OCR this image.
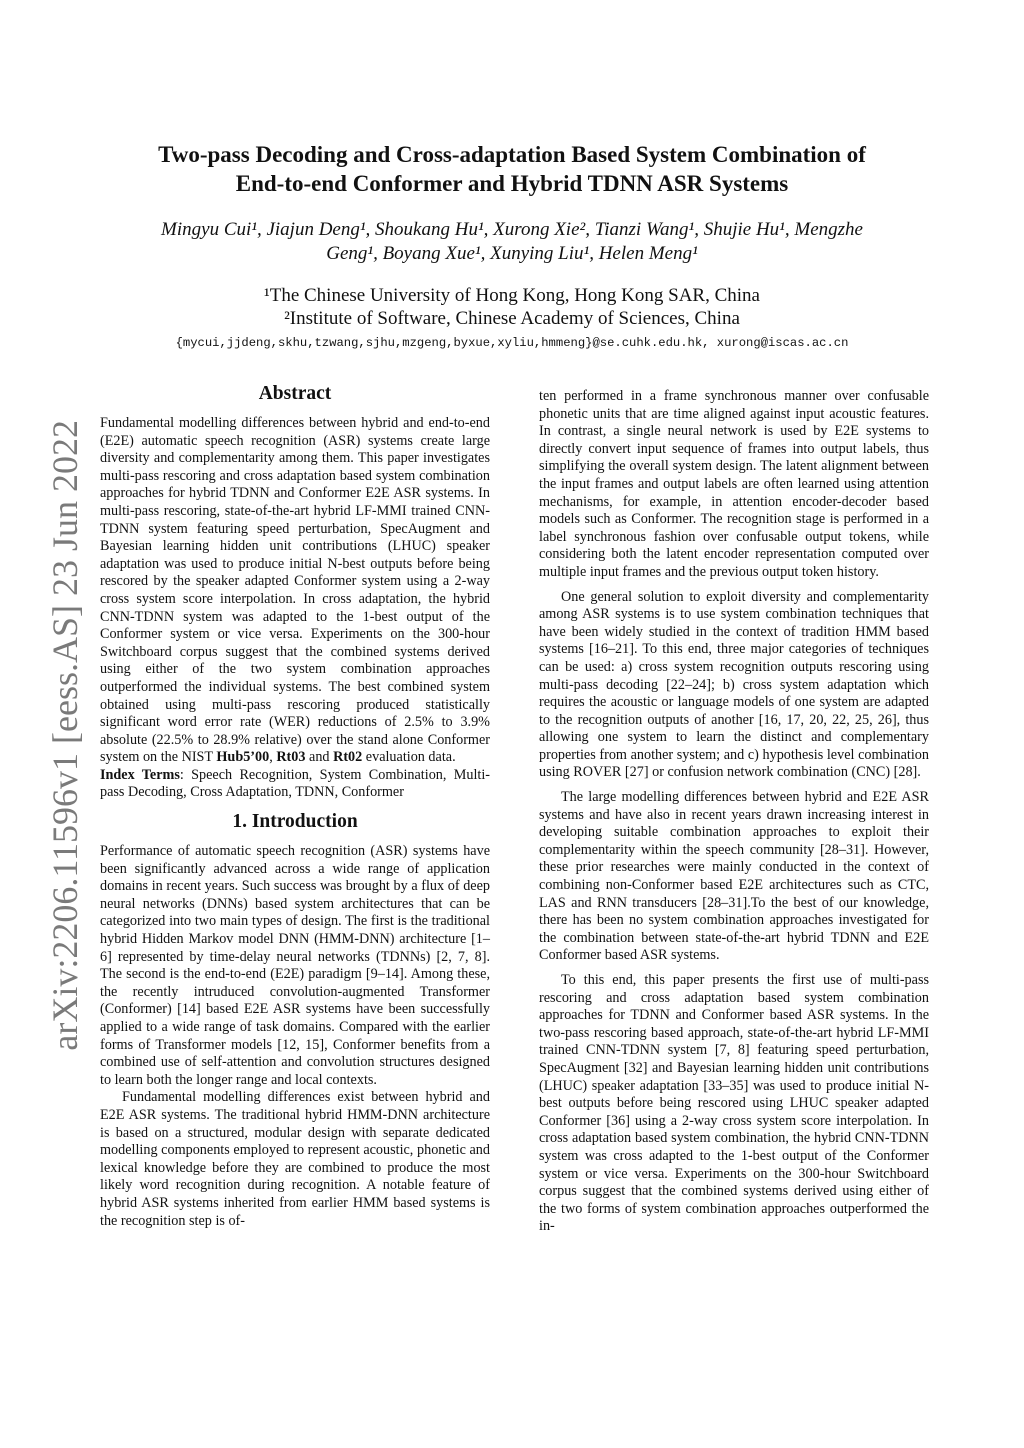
arXiv:2206.11596v1 [eess.AS] 23 Jun 2022
Two-pass Decoding and Cross-adaptation Based System Combination of
End-to-end Conformer and Hybrid TDNN ASR Systems
Mingyu Cui¹, Jiajun Deng¹, Shoukang Hu¹, Xurong Xie², Tianzi Wang¹, Shujie Hu¹, Mengzhe
Geng¹, Boyang Xue¹, Xunying Liu¹, Helen Meng¹
¹The Chinese University of Hong Kong, Hong Kong SAR, China
²Institute of Software, Chinese Academy of Sciences, China
{mycui,jjdeng,skhu,tzwang,sjhu,mzgeng,byxue,xyliu,hmmeng}@se.cuhk.edu.hk, xurong@iscas.ac.cn
Abstract

Fundamental modelling differences between hybrid and end-to-end (E2E) automatic speech recognition (ASR) systems create large diversity and complementarity among them. This paper investigates multi-pass rescoring and cross adaptation based system combination approaches for hybrid TDNN and Conformer E2E ASR systems. In multi-pass rescoring, state-of-the-art hybrid LF-MMI trained CNN-TDNN system featuring speed perturbation, SpecAugment and Bayesian learning hidden unit contributions (LHUC) speaker adaptation was used to produce initial N-best outputs before being rescored by the speaker adapted Conformer system using a 2-way cross system score interpolation. In cross adaptation, the hybrid CNN-TDNN system was adapted to the 1-best output of the Conformer system or vice versa. Experiments on the 300-hour Switchboard corpus suggest that the combined systems derived using either of the two system combination approaches outperformed the individual systems. The best combined system obtained using multi-pass rescoring produced statistically significant word error rate (WER) reductions of 2.5% to 3.9% absolute (22.5% to 28.9% relative) over the stand alone Conformer system on the NIST Hub5’00, Rt03 and Rt02 evaluation data.

Index Terms: Speech Recognition, System Combination, Multi-pass Decoding, Cross Adaptation, TDNN, Conformer

1. Introduction

Performance of automatic speech recognition (ASR) systems have been significantly advanced across a wide range of application domains in recent years. Such success was brought by a flux of deep neural networks (DNNs) based system architectures that can be categorized into two main types of design. The first is the traditional hybrid Hidden Markov model DNN (HMM-DNN) architecture [1–6] represented by time-delay neural networks (TDNNs) [2, 7, 8]. The second is the end-to-end (E2E) paradigm [9–14]. Among these, the recently intruduced convolution-augmented Transformer (Conformer) [14] based E2E ASR systems have been successfully applied to a wide range of task domains. Compared with the earlier forms of Transformer models [12, 15], Conformer benefits from a combined use of self-attention and convolution structures designed to learn both the longer range and local contexts.

Fundamental modelling differences exist between hybrid and E2E ASR systems. The traditional hybrid HMM-DNN architecture is based on a structured, modular design with separate dedicated modelling components employed to represent acoustic, phonetic and lexical knowledge before they are combined to produce the most likely word recognition during recognition. A notable feature of hybrid ASR systems inherited from earlier HMM based systems is the recognition step is of-

ten performed in a frame synchronous manner over confusable phonetic units that are time aligned against input acoustic features. In contrast, a single neural network is used by E2E systems to directly convert input sequence of frames into output labels, thus simplifying the overall system design. The latent alignment between the input frames and output labels are often learned using attention mechanisms, for example, in attention encoder-decoder based models such as Conformer. The recognition stage is performed in a label synchronous fashion over confusable output tokens, while considering both the latent encoder representation computed over multiple input frames and the previous output token history.

One general solution to exploit diversity and complementarity among ASR systems is to use system combination techniques that have been widely studied in the context of tradition HMM based systems [16–21]. To this end, three major categories of techniques can be used: a) cross system recognition outputs rescoring using multi-pass decoding [22–24]; b) cross system adaptation which requires the acoustic or language models of one system are adapted to the recognition outputs of another [16, 17, 20, 22, 25, 26], thus allowing one system to learn the distinct and complementary properties from another system; and c) hypothesis level combination using ROVER [27] or confusion network combination (CNC) [28].

The large modelling differences between hybrid and E2E ASR systems and have also in recent years drawn increasing interest in developing suitable combination approaches to exploit their complementarity within the speech community [28–31]. However, these prior researches were mainly conducted in the context of combining non-Conformer based E2E architectures such as CTC, LAS and RNN transducers [28–31].To the best of our knowledge, there has been no system combination approaches investigated for the combination between state-of-the-art hybrid TDNN and E2E Conformer based ASR systems.

To this end, this paper presents the first use of multi-pass rescoring and cross adaptation based system combination approaches for TDNN and Conformer based ASR systems. In the two-pass rescoring based approach, state-of-the-art hybrid LF-MMI trained CNN-TDNN system [7, 8] featuring speed perturbation, SpecAugment [32] and Bayesian learning hidden unit contributions (LHUC) speaker adaptation [33–35] was used to produce initial N-best outputs before being rescored using LHUC speaker adapted Conformer [36] using a 2-way cross system score interpolation. In cross adaptation based system combination, the hybrid CNN-TDNN system was cross adapted to the 1-best output of the Conformer system or vice versa. Experiments on the 300-hour Switchboard corpus suggest that the combined systems derived using either of the two forms of system combination approaches outperformed the in-
